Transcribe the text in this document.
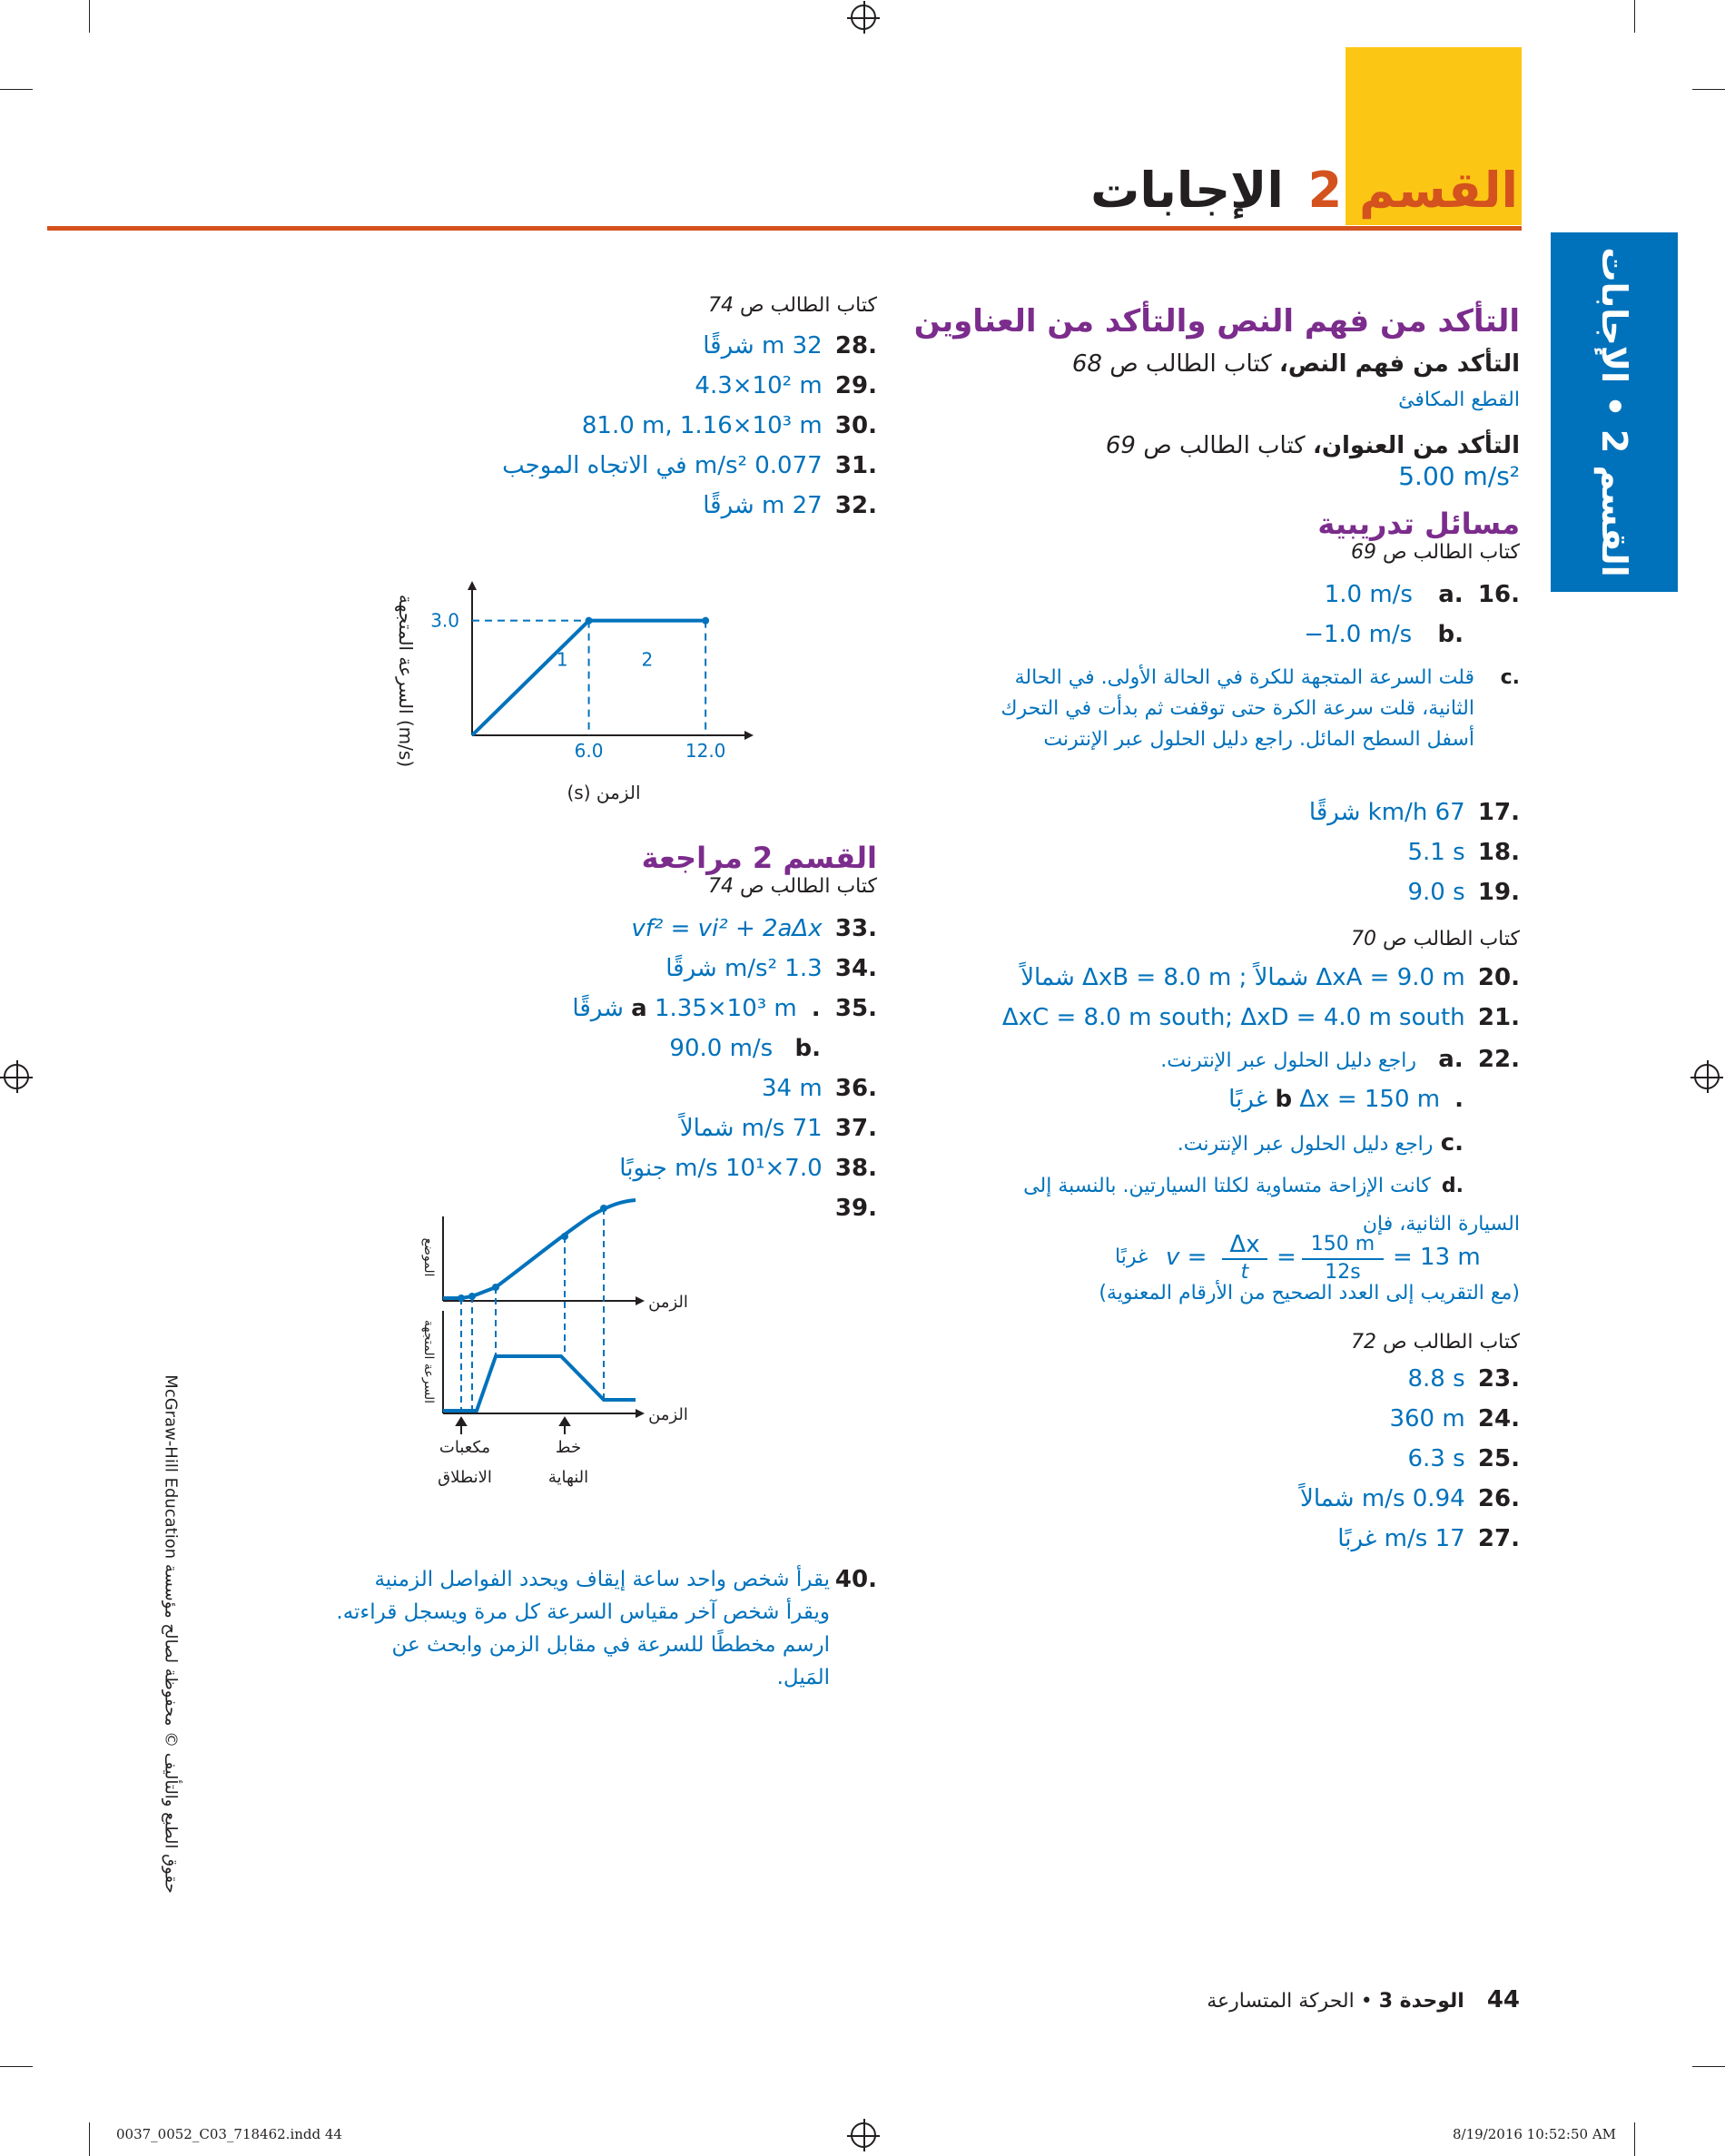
القسم 2 الإجابات
القسم 2 • الإجابات
حقوق الطبع والتأليف © محفوظة لصالح مؤسسة McGraw-Hill Education
التأكد من فهم النص والتأكد من العناوين
التأكد من فهم النص، كتاب الطالب ص 68
القطع المكافئ
التأكد من العنوان، كتاب الطالب ص 69
5.00 m/s²
مسائل تدريبية
كتاب الطالب ص 69
.16 .a 1.0 m/s
.b −1.0 m/s
.c
قلت السرعة المتجهة للكرة في الحالة الأولى. في الحالة الثانية، قلت سرعة الكرة حتى توقفت ثم بدأت في التحرك أسفل السطح المائل. راجع دليل الحلول عبر الإنترنت
.17 67 km/h شرقًا
.18 5.1 s
.19 9.0 s
كتاب الطالب ص 70
.20 ΔxA = 9.0 m شمالاً ; ΔxB = 8.0 m شمالاً
.21 ΔxC = 8.0 m south; ΔxD = 4.0 m south
.22 .a راجع دليل الحلول عبر الإنترنت.
.b Δx = 150 m غربًا
.c راجع دليل الحلول عبر الإنترنت.
.d
كانت الإزاحة متساوية لكلتا السيارتين. بالنسبة إلى السيارة الثانية، فإن
غربًا v = Δx
t
= $\frac{150 m}{12s} = 13$ m
(مع التقريب إلى العدد الصحيح من الأرقام المعنوية)
كتاب الطالب ص 72
.23 8.8 s
.24 360 m
.25 6.3 s
.26 0.94 m/s شمالاً
.27 17 m/s غربًا
كتاب الطالب ص 74
.28 32 m شرقًا
.29 4.3×10² m
.30 81.0 m, 1.16×10³ m
.31 0.077 m/s² في الاتجاه الموجب
.32 27 m شرقًا
3.0
6.0	12.0
1	2
السرعة المتجهة (m/s)
الزمن (s)
القسم 2 مراجعة
كتاب الطالب ص 74
.33 vf² = vi² + 2aΔx
.34 1.3 m/s² شرقًا
.35 .a 1.35×10³ m شرقًا
.b 90.0 m/s
.36 34 m
.37 71 m/s شمالاً
.38 7.0×10¹ m/s جنوبًا
.39
الموضع
الزمن
السرعة المتجهة
الزمن
مكعبات
الانطلاق
خط
النهاية
.40
يقرأ شخص واحد ساعة إيقاف ويحدد الفواصل الزمنية ويقرأ شخص آخر مقياس السرعة كل مرة ويسجل قراءته. ارسم مخططًا للسرعة في مقابل الزمن وابحث عن المَيل.
44 الوحدة 3 • الحركة المتسارعة
0037_0052_C03_718462.indd 44	8/19/2016 10:52:50 AM
